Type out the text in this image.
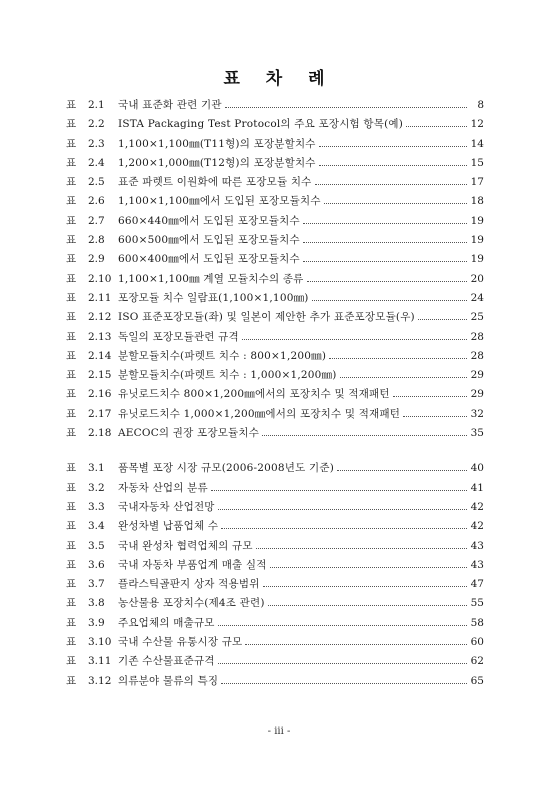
표 차 례
표	2.1	국내 표준화 관련 기관	8
표	2.2	ISTA Packaging Test Protocol의 주요 포장시험 항목(예)	12
표	2.3	1,100×1,100㎜(T11형)의 포장분할치수	14
표	2.4	1,200×1,000㎜(T12형)의 포장분할치수	15
표	2.5	표준 파렛트 이원화에 따른 포장모듈 치수	17
표	2.6	1,100×1,100㎜에서 도입된 포장모듈치수	18
표	2.7	660×440㎜에서 도입된 포장모듈치수	19
표	2.8	600×500㎜에서 도입된 포장모듈치수	19
표	2.9	600×400㎜에서 도입된 포장모듈치수	19
표	2.10 1,100×1,100㎜ 계열 모듈치수의 종류	20
표	2.11 포장모듈 치수 일람표(1,100×1,100㎜)	24
표	2.12 ISO 표준포장모듈(좌) 및 일본이 제안한 추가 표준포장모듈(우)	25
표	2.13 독일의 포장모듈관련 규격	28
표	2.14 분할모듈치수(파렛트 치수 : 800×1,200㎜)	28
표	2.15 분할모듈치수(파렛트 치수 : 1,000×1,200㎜)	29
표	2.16 유닛로드치수 800×1,200㎜에서의 포장치수 및 적재패턴	29
표	2.17 유닛로드치수 1,000×1,200㎜에서의 포장치수 및 적재패턴	32
표	2.18 AECOC의 권장 포장모듈치수	35
표	3.1	품목별 포장 시장 규모(2006-2008년도 기준)	40
표	3.2	자동차 산업의 분류	41
표	3.3	국내자동차 산업전망	42
표	3.4	완성차별 납품업체 수	42
표	3.5	국내 완성차 협력업체의 규모	43
표	3.6	국내 자동차 부품업계 매출 실적	43
표	3.7	플라스틱골판지 상자 적용범위	47
표	3.8	농산물용 포장치수(제4조 관련)	55
표	3.9	주요업체의 매출규모	58
표	3.10 국내 수산물 유통시장 규모	60
표	3.11 기존 수산물표준규격	62
표	3.12 의류분야 물류의 특징	65
- iii -
